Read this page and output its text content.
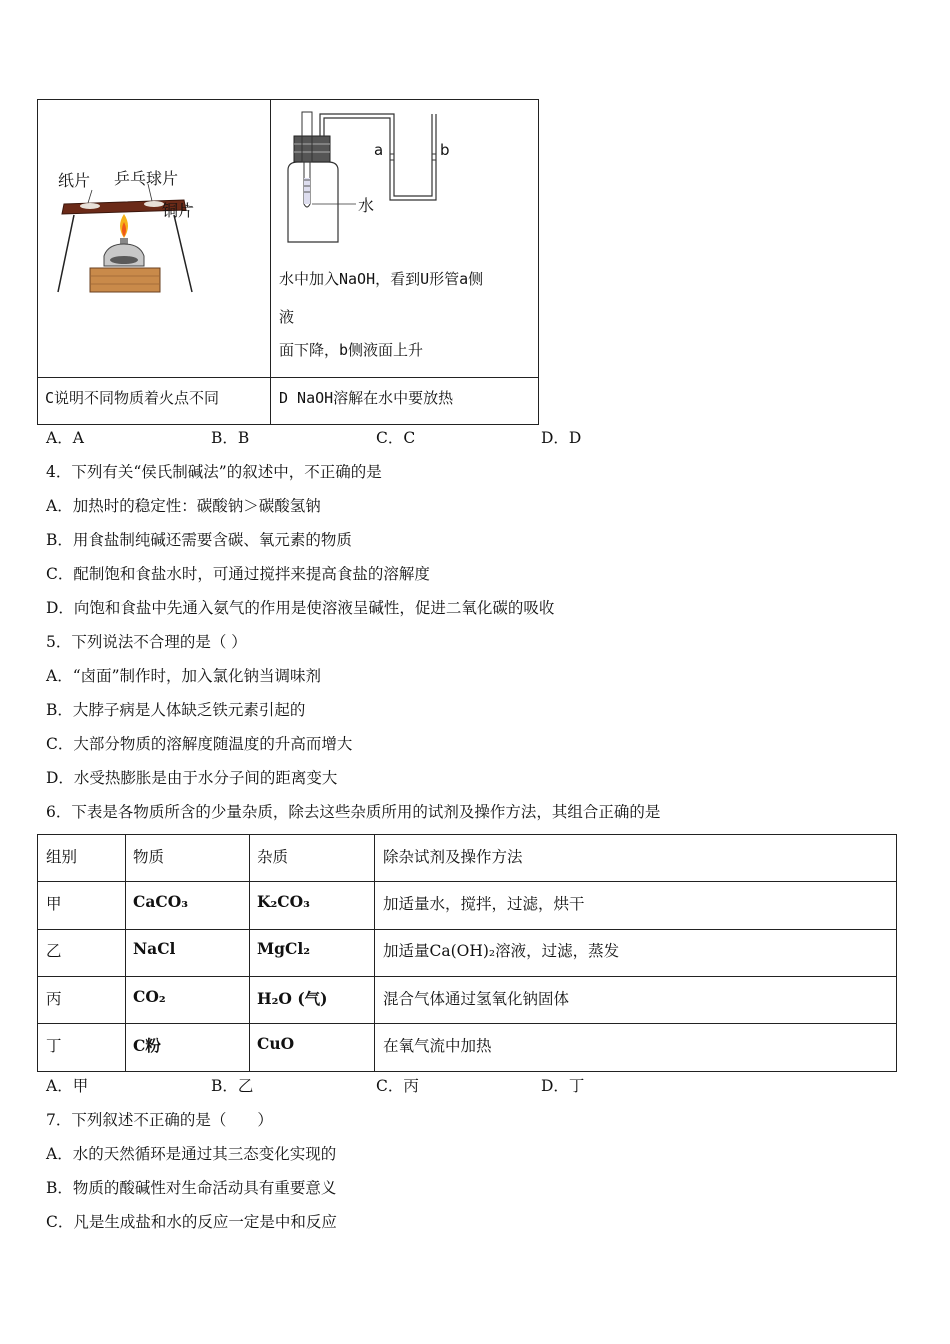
纸片 乒乓球片
铜片
a	b
水
水中加入NaOH，看到U形管a侧
液
面下降，b侧液面上升
C说明不同物质着火点不同	D NaOH溶解在水中要放热
A．A	B．B	C．C	D．D
4．下列有关“侯氏制碱法”的叙述中，不正确的是
A．加热时的稳定性：碳酸钠＞碳酸氢钠
B．用食盐制纯碱还需要含碳、氧元素的物质
C．配制饱和食盐水时，可通过搅拌来提高食盐的溶解度
D．向饱和食盐中先通入氨气的作用是使溶液呈碱性，促进二氧化碳的吸收
5．下列说法不合理的是（ ）
A．“卤面”制作时，加入氯化钠当调味剂
B．大脖子病是人体缺乏铁元素引起的
C．大部分物质的溶解度随温度的升高而增大
D．水受热膨胀是由于水分子间的距离变大
6．下表是各物质所含的少量杂质，除去这些杂质所用的试剂及操作方法，其组合正确的是
组别	物质	杂质	除杂试剂及操作方法
甲	CaCO₃	K₂CO₃	加适量水，搅拌，过滤，烘干
乙	NaCl	MgCl₂	加适量Ca(OH)₂溶液，过滤，蒸发
丙	CO₂	H₂O (气)	混合气体通过氢氧化钠固体
丁	C粉	CuO	在氧气流中加热
A．甲	B．乙	C．丙	D．丁
7．下列叙述不正确的是（　　）
A．水的天然循环是通过其三态变化实现的
B．物质的酸碱性对生命活动具有重要意义
C．凡是生成盐和水的反应一定是中和反应
